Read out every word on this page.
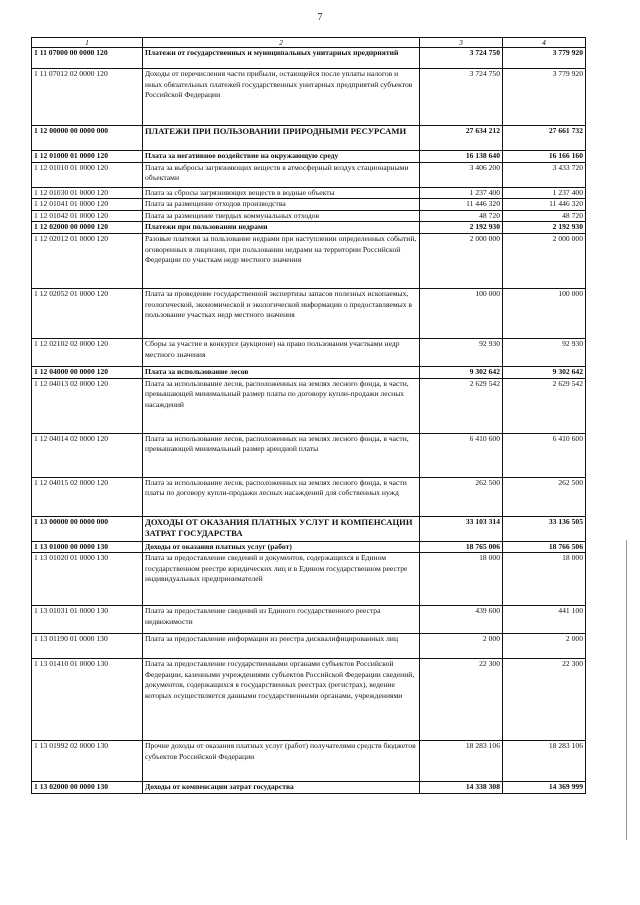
7
1	2	3	4
1 11 07000 00 0000 120	Платежи от государственных и муниципальных унитарных предприятий	3 724 750	3 779 920
1 11 07012 02 0000 120	Доходы от перечисления части прибыли, остающейся после уплаты налогов и иных обязательных платежей государственных унитарных предприятий субъектов Российской Федерации	3 724 750	3 779 920
1 12 00000 00 0000 000	ПЛАТЕЖИ ПРИ ПОЛЬЗОВАНИИ ПРИРОДНЫМИ РЕСУРСАМИ	27 634 212	27 661 732
1 12 01000 01 0000 120	Плата за негативное воздействие на окружающую среду	16 138 640	16 166 160
1 12 01010 01 0000 120	Плата за выбросы загрязняющих веществ в атмосферный воздух стационарными объектами	3 406 200	3 433 720
1 12 01030 01 0000 120	Плата за сбросы загрязняющих веществ в водные объекты	1 237 400	1 237 400
1 12 01041 01 0000 120	Плата за размещение отходов производства	11 446 320	11 446 320
1 12 01042 01 0000 120	Плата за размещение твердых коммунальных отходов	48 720	48 720
1 12 02000 00 0000 120	Платежи при пользовании недрами	2 192 930	2 192 930
1 12 02012 01 0000 120	Разовые платежи за пользование недрами при наступлении определенных событий, оговоренных в лицензии, при пользовании недрами на территории Российской Федерации по участкам недр местного значения	2 000 000	2 000 000
1 12 02052 01 0000 120	Плата за проведение государственной экспертизы запасов полезных ископаемых, геологической, экономической и экологической информации о предоставляемых в пользование участках недр местного значения	100 000	100 000
1 12 02102 02 0000 120	Сборы за участие в конкурсе (аукционе) на право пользования участками недр местного значения	92 930	92 930
1 12 04000 00 0000 120	Плата за использование лесов	9 302 642	9 302 642
1 12 04013 02 0000 120	Плата за использование лесов, расположенных на землях лесного фонда, в части, превышающей минимальный размер платы по договору купли-продажи лесных насаждений	2 629 542	2 629 542
1 12 04014 02 0000 120	Плата за использование лесов, расположенных на землях лесного фонда, в части, превышающей минимальный размер арендной платы	6 410 600	6 410 600
1 12 04015 02 0000 120	Плата за использование лесов, расположенных на землях лесного фонда, в части платы по договору купли-продажи лесных насаждений для собственных нужд	262 500	262 500
1 13 00000 00 0000 000	ДОХОДЫ ОТ ОКАЗАНИЯ ПЛАТНЫХ УСЛУГ И КОМПЕНСАЦИИ ЗАТРАТ ГОСУДАРСТВА	33 103 314	33 136 505
1 13 01000 00 0000 130	Доходы от оказания платных услуг (работ)	18 765 006	18 766 506
1 13 01020 01 0000 130	Плата за предоставление сведений и документов, содержащихся в Едином государственном реестре юридических лиц и в Едином государственном реестре индивидуальных предпринимателей	18 000	18 000
1 13 01031 01 0000 130	Плата за предоставление сведений из Единого государственного реестра недвижимости	439 600	441 100
1 13 01190 01 0000 130	Плата за предоставление информации из реестра дисквалифицированных лиц	2 000	2 000
1 13 01410 01 0000 130	Плата за предоставление государственными органами субъектов Российской Федерации, казенными учреждениями субъектов Российской Федерации сведений, документов, содержащихся в государственных реестрах (регистрах), ведение которых осуществляется данными государственными органами, учреждениями	22 300	22 300
1 13 01992 02 0000 130	Прочие доходы от оказания платных услуг (работ) получателями средств бюджетов субъектов Российской Федерации	18 283 106	18 283 106
1 13 02000 00 0000 130	Доходы от компенсации затрат государства	14 338 308	14 369 999
